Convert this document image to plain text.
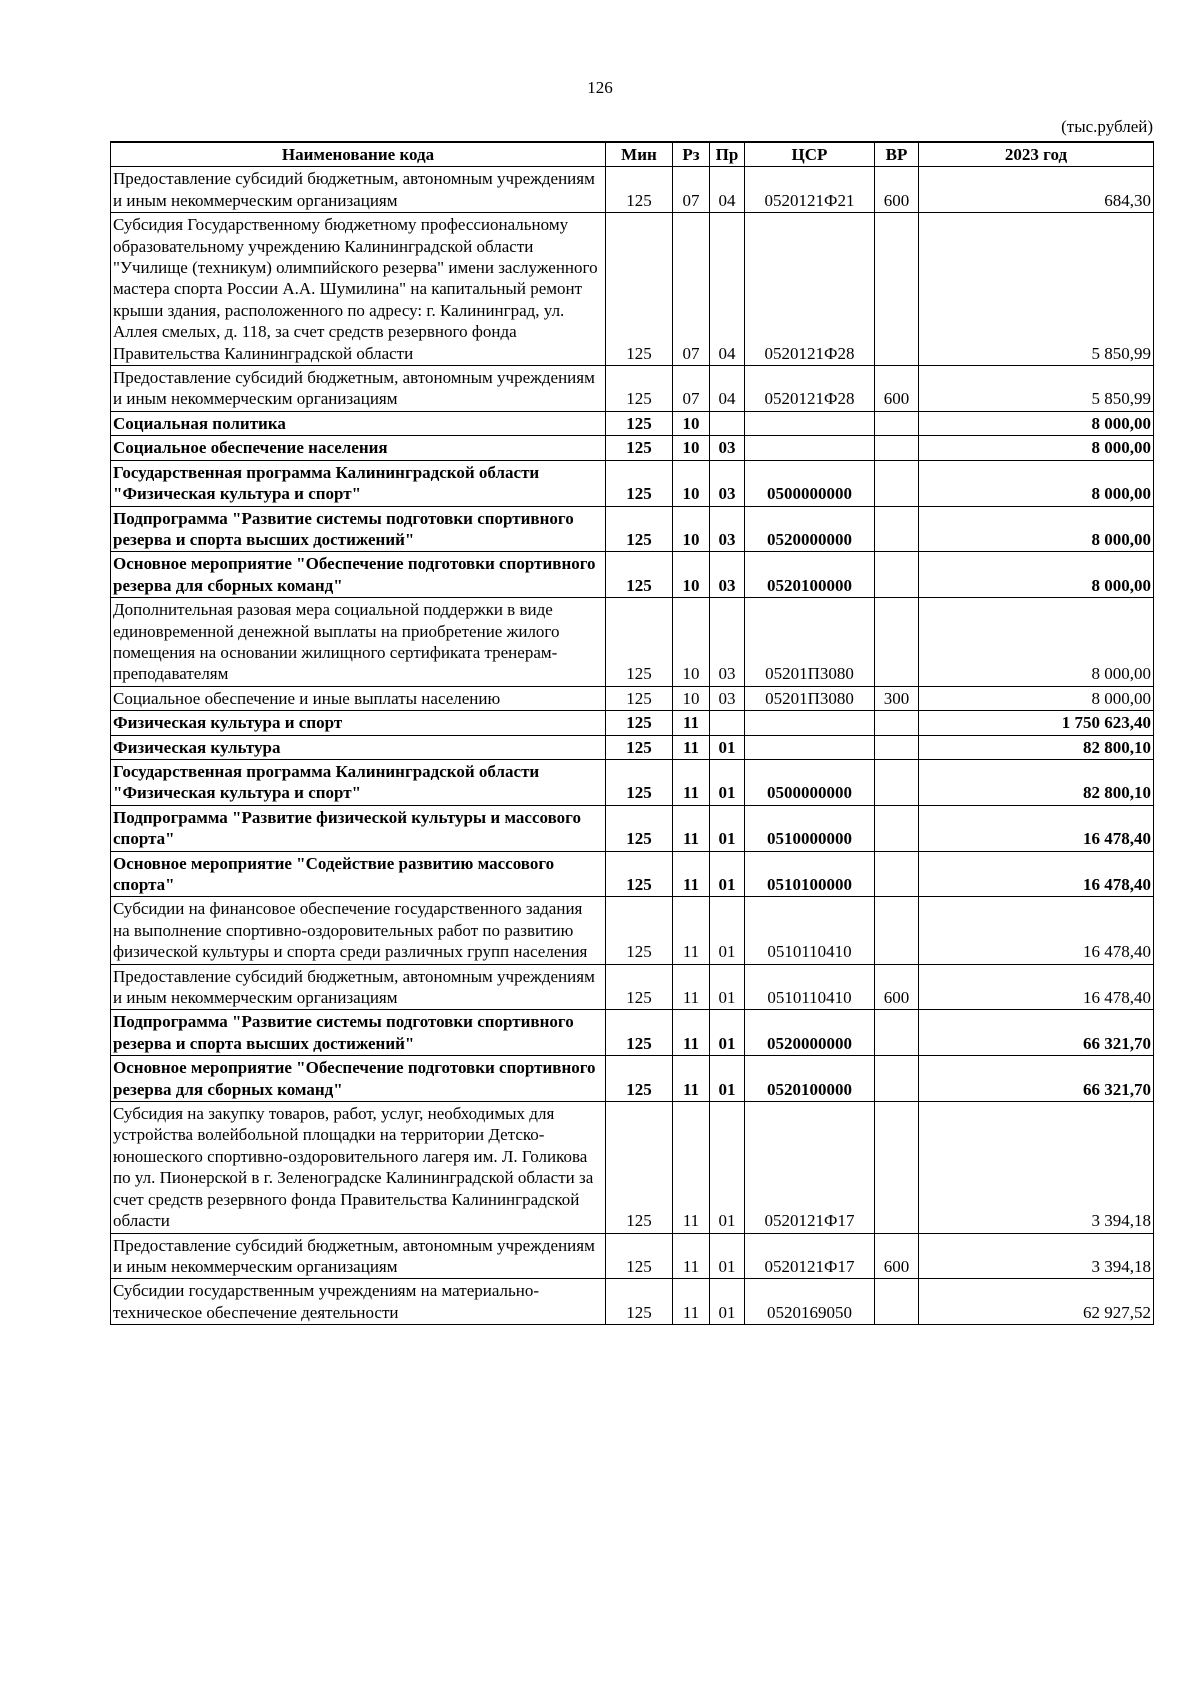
126
(тыс.рублей)
Наименование кода	Мин	Рз	Пр	ЦСР	ВР	2023 год
Предоставление субсидий бюджетным, автономным учреждениям и иным некоммерческим организациям	125	07	04	0520121Ф21	600	684,30
Субсидия Государственному бюджетному профессиональному образовательному учреждению Калининградской области "Училище (техникум) олимпийского резерва" имени заслуженного мастера спорта России А.А. Шумилина" на капитальный ремонт крыши здания, расположенного по адресу: г. Калининград, ул. Аллея смелых, д. 118, за счет средств резервного фонда Правительства Калининградской области	125	07	04	0520121Ф28		5 850,99
Предоставление субсидий бюджетным, автономным учреждениям и иным некоммерческим организациям	125	07	04	0520121Ф28	600	5 850,99
Социальная политика	125	10				8 000,00
Социальное обеспечение населения	125	10	03			8 000,00
Государственная программа Калининградской области "Физическая культура и спорт"	125	10	03	0500000000		8 000,00
Подпрограмма "Развитие системы подготовки спортивного резерва и спорта высших достижений"	125	10	03	0520000000		8 000,00
Основное мероприятие "Обеспечение подготовки спортивного резерва для сборных команд"	125	10	03	0520100000		8 000,00
Дополнительная разовая мера социальной поддержки в виде единовременной денежной выплаты на приобретение жилого помещения на основании жилищного сертификата тренерам-преподавателям	125	10	03	05201П3080		8 000,00
Социальное обеспечение и иные выплаты населению	125	10	03	05201П3080	300	8 000,00
Физическая культура и спорт	125	11				1 750 623,40
Физическая культура	125	11	01			82 800,10
Государственная программа Калининградской области "Физическая культура и спорт"	125	11	01	0500000000		82 800,10
Подпрограмма "Развитие физической культуры и массового спорта"	125	11	01	0510000000		16 478,40
Основное мероприятие "Содействие развитию массового спорта"	125	11	01	0510100000		16 478,40
Субсидии на финансовое обеспечение государственного задания на выполнение спортивно-оздоровительных работ по развитию физической культуры и спорта среди различных групп населения	125	11	01	0510110410		16 478,40
Предоставление субсидий бюджетным, автономным учреждениям и иным некоммерческим организациям	125	11	01	0510110410	600	16 478,40
Подпрограмма "Развитие системы подготовки спортивного резерва и спорта высших достижений"	125	11	01	0520000000		66 321,70
Основное мероприятие "Обеспечение подготовки спортивного резерва для сборных команд"	125	11	01	0520100000		66 321,70
Субсидия на закупку товаров, работ, услуг, необходимых для устройства волейбольной площадки на территории Детско-юношеского спортивно-оздоровительного лагеря им. Л. Голикова по ул. Пионерской в г. Зеленоградске Калининградской области за счет средств резервного фонда Правительства Калининградской области	125	11	01	0520121Ф17		3 394,18
Предоставление субсидий бюджетным, автономным учреждениям и иным некоммерческим организациям	125	11	01	0520121Ф17	600	3 394,18
Субсидии государственным учреждениям на материально-техническое обеспечение деятельности	125	11	01	0520169050		62 927,52
